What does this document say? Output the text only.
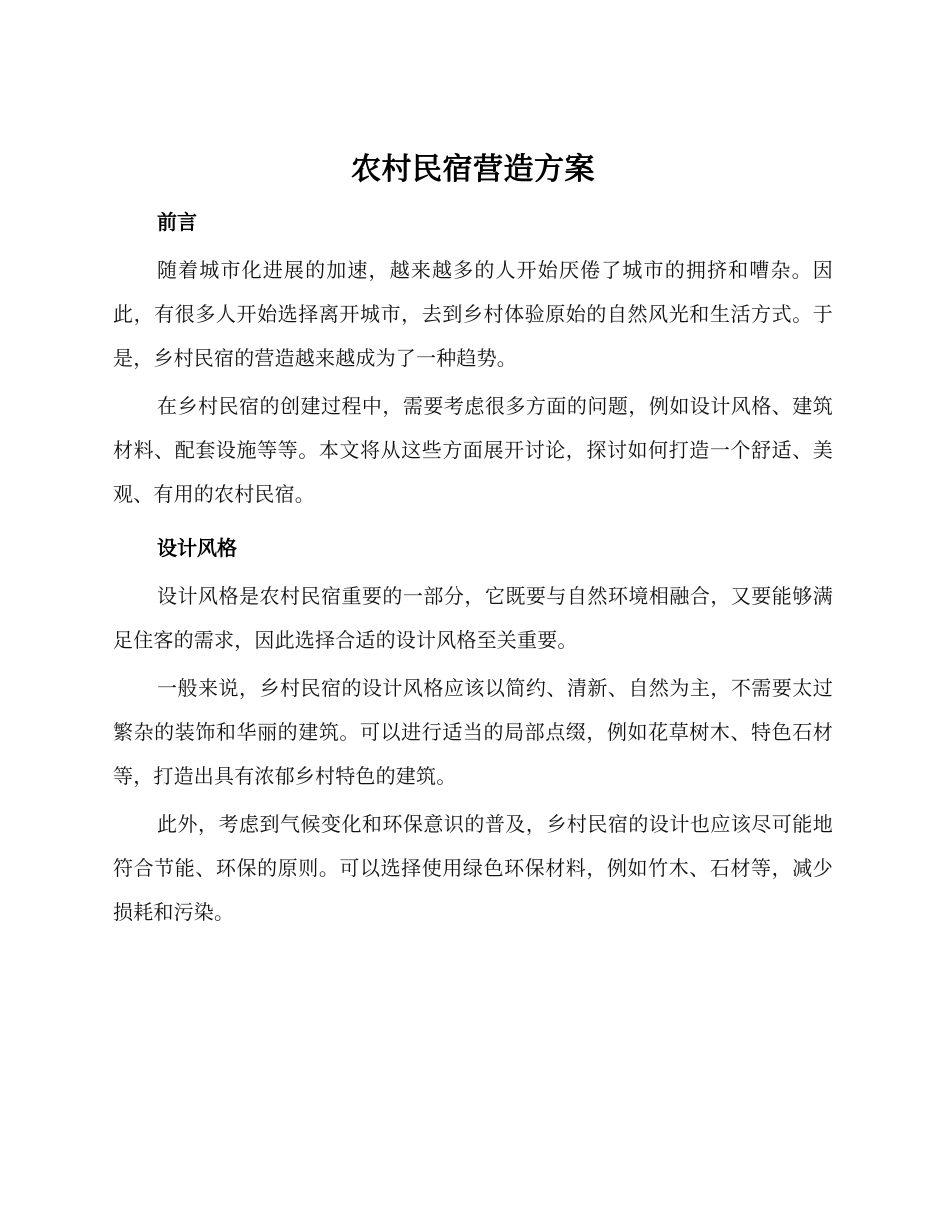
农村民宿营造方案
前言

随着城市化进展的加速，越来越多的人开始厌倦了城市的拥挤和嘈杂。因此，有很多人开始选择离开城市，去到乡村体验原始的自然风光和生活方式。于是，乡村民宿的营造越来越成为了一种趋势。

在乡村民宿的创建过程中，需要考虑很多方面的问题，例如设计风格、建筑材料、配套设施等等。本文将从这些方面展开讨论，探讨如何打造一个舒适、美观、有用的农村民宿。

设计风格

设计风格是农村民宿重要的一部分，它既要与自然环境相融合，又要能够满足住客的需求，因此选择合适的设计风格至关重要。

一般来说，乡村民宿的设计风格应该以简约、清新、自然为主，不需要太过繁杂的装饰和华丽的建筑。可以进行适当的局部点缀，例如花草树木、特色石材等，打造出具有浓郁乡村特色的建筑。

此外，考虑到气候变化和环保意识的普及，乡村民宿的设计也应该尽可能地符合节能、环保的原则。可以选择使用绿色环保材料，例如竹木、石材等，减少损耗和污染。
